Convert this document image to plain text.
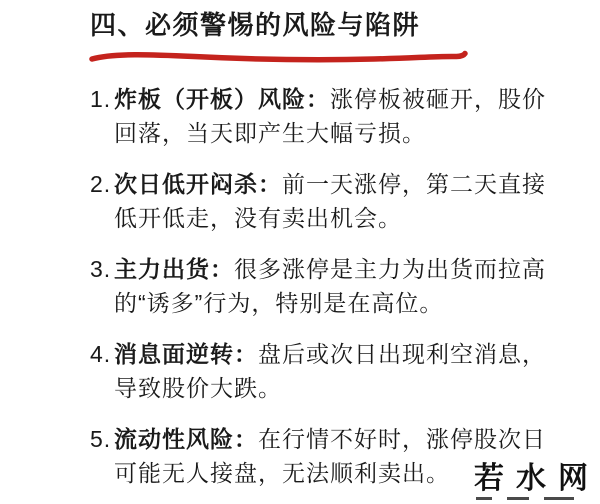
四、必须警惕的风险与陷阱
1. 炸板（开板）风险：涨停板被砸开，股价回落，当天即产生大幅亏损。
2. 次日低开闷杀：前一天涨停，第二天直接低开低走，没有卖出机会。
3. 主力出货：很多涨停是主力为出货而拉高的“诱多”行为，特别是在高位。
4. 消息面逆转：盘后或次日出现利空消息，导致股价大跌。
5. 流动性风险：在行情不好时，涨停股次日可能无人接盘，无法顺利卖出。 若水网
